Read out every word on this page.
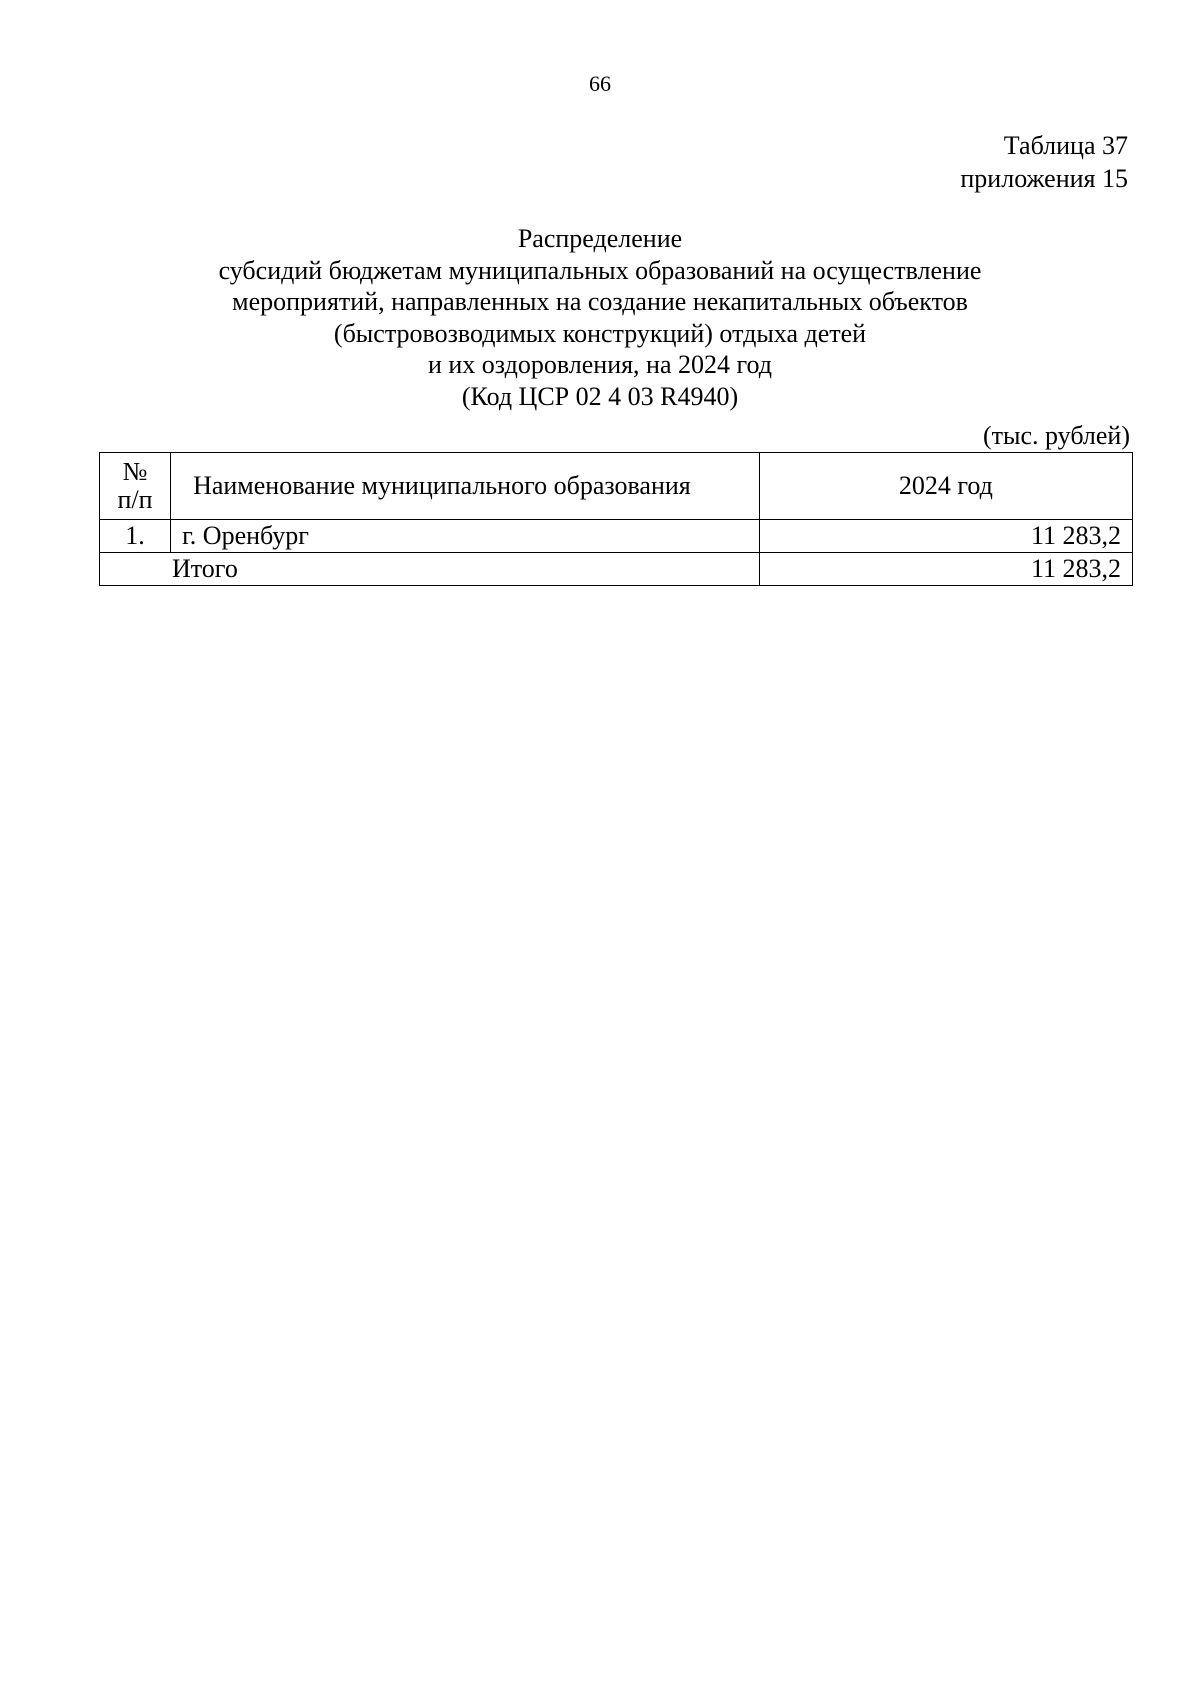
66
Таблица 37
приложения 15
Распределение
субсидий бюджетам муниципальных образований на осуществление
мероприятий, направленных на создание некапитальных объектов
(быстровозводимых конструкций) отдыха детей
и их оздоровления, на 2024 год
(Код ЦСР 02 4 03 R4940)
(тыс. рублей)
№
п/п	Наименование муниципального образования	2024 год
1.	г. Оренбург	11 283,2
Итого		11 283,2
